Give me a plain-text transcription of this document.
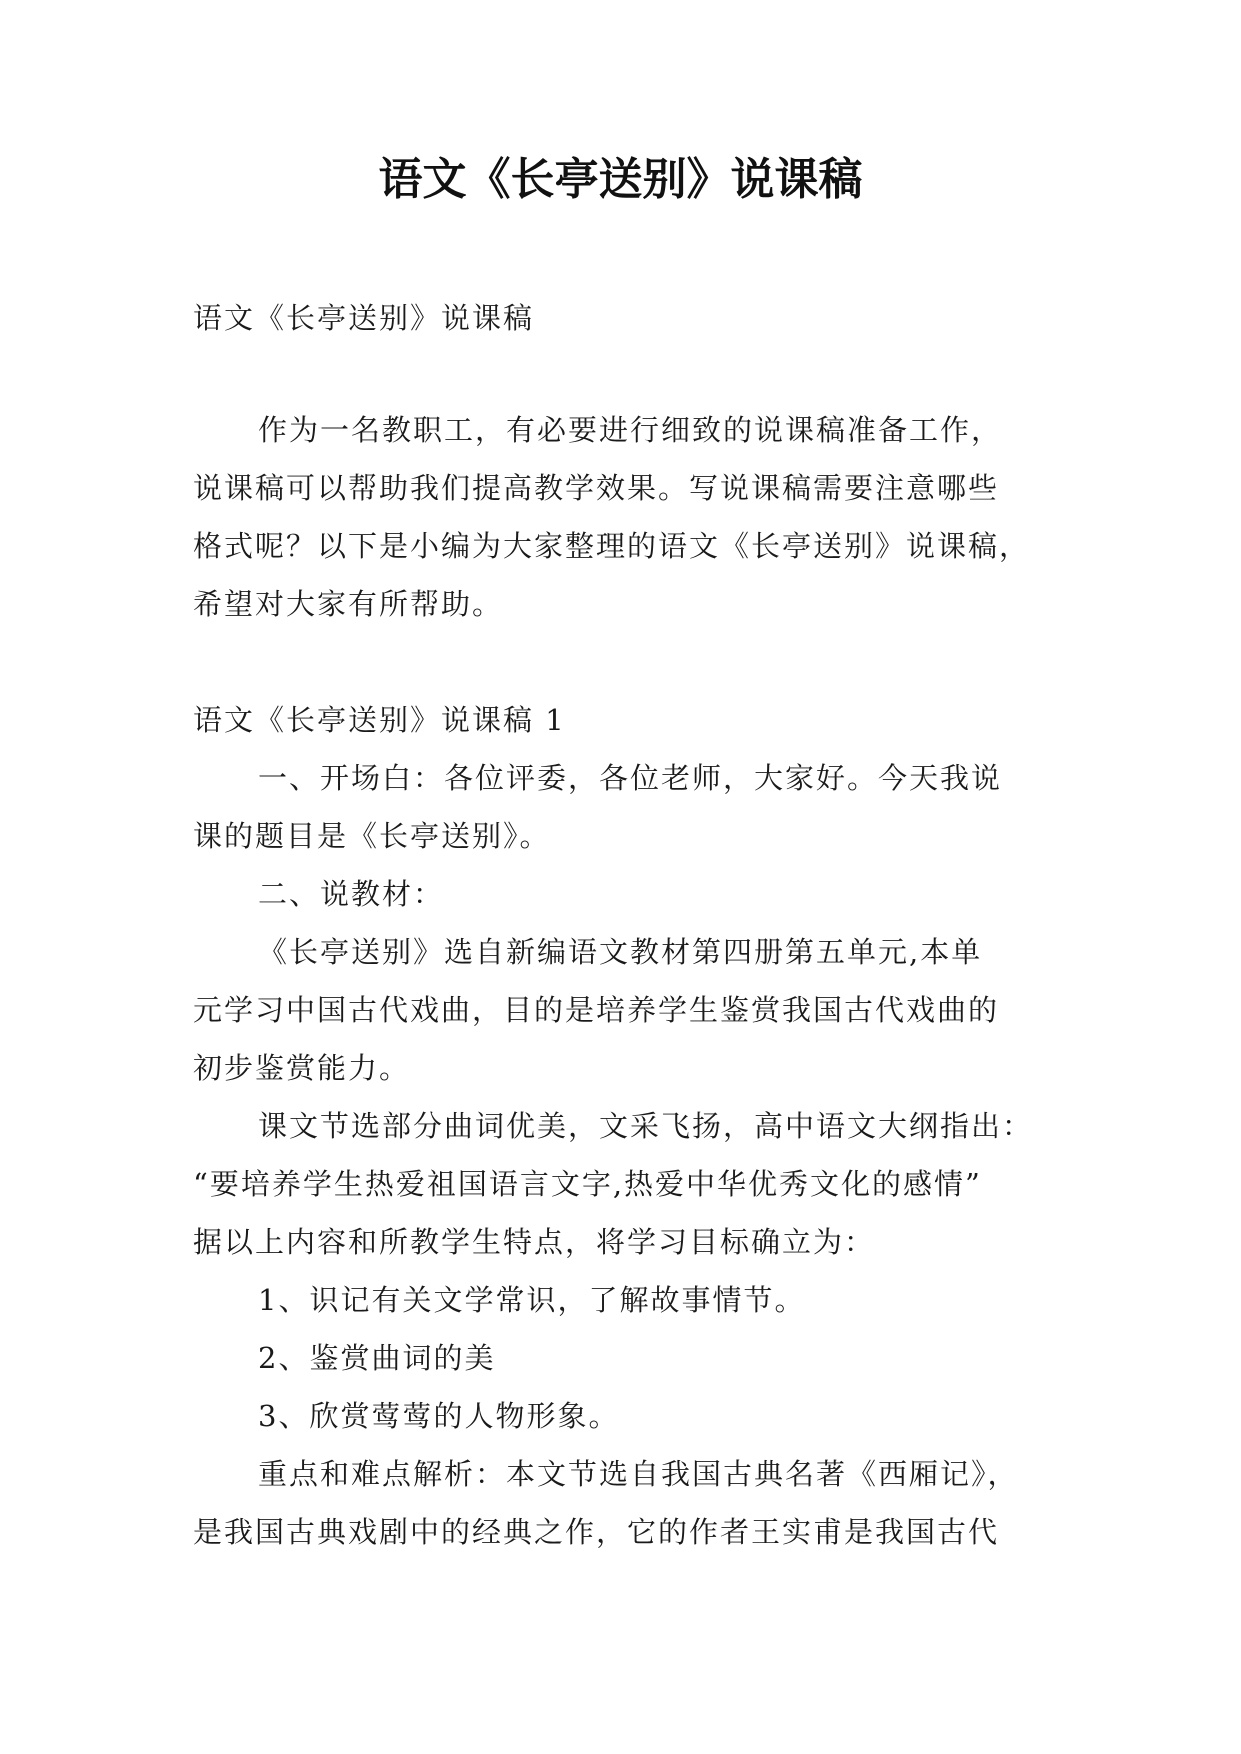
语文《长亭送别》说课稿
语文《长亭送别》说课稿
作为一名教职工，有必要进行细致的说课稿准备工作，
说课稿可以帮助我们提高教学效果。写说课稿需要注意哪些
格式呢？以下是小编为大家整理的语文《长亭送别》说课稿，
希望对大家有所帮助。
语文《长亭送别》说课稿 1
一、开场白：各位评委，各位老师，大家好。今天我说
课的题目是《长亭送别》。
二、说教材：
《长亭送别》选自新编语文教材第四册第五单元,本单
元学习中国古代戏曲，目的是培养学生鉴赏我国古代戏曲的
初步鉴赏能力。
课文节选部分曲词优美，文采飞扬，高中语文大纲指出：
“要培养学生热爱祖国语言文字,热爱中华优秀文化的感情”
据以上内容和所教学生特点，将学习目标确立为：
1、识记有关文学常识，了解故事情节。
2、鉴赏曲词的美
3、欣赏莺莺的人物形象。
重点和难点解析：本文节选自我国古典名著《西厢记》，
是我国古典戏剧中的经典之作，它的作者王实甫是我国古代
